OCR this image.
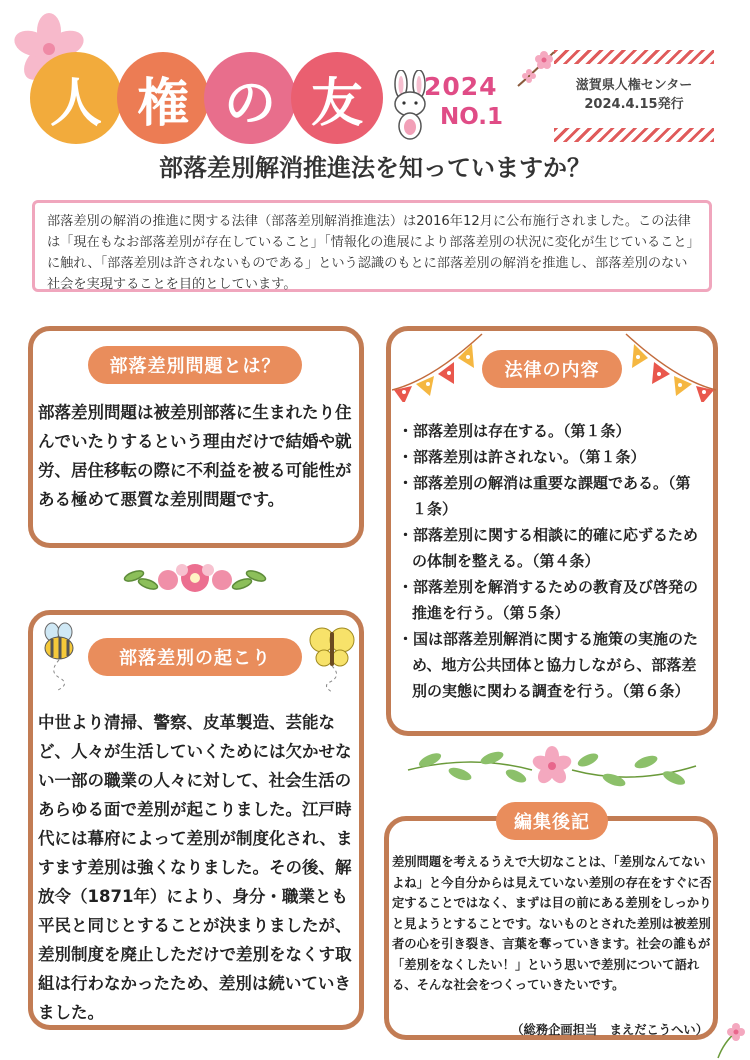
人 権 の 友	2024
NO.1
滋賀県人権センター
2024.4.15発行
部落差別解消推進法を知っていますか？
部落差別の解消の推進に関する法律（部落差別解消推進法）は2016年12月に公布施行されました。この法律は「現在もなお部落差別が存在していること」「情報化の進展により部落差別の状況に変化が生じていること」に触れ、「部落差別は許されないものである」という認識のもとに部落差別の解消を推進し、部落差別のない社会を実現することを目的としています。
部落差別問題とは？
部落差別問題は被差別部落に生まれたり住んでいたりするという理由だけで結婚や就労、居住移転の際に不利益を被る可能性がある極めて悪質な差別問題です。
部落差別の起こり
中世より清掃、警察、皮革製造、芸能など、人々が生活していくためには欠かせない一部の職業の人々に対して、社会生活のあらゆる面で差別が起こりました。江戸時代には幕府によって差別が制度化され、ますます差別は強くなりました。その後、解放令（1871年）により、身分・職業とも平民と同じとすることが決まりましたが、差別制度を廃止しただけで差別をなくす取組は行わなかったため、差別は続いていきました。
法律の内容
・部落差別は存在する。（第１条）
・部落差別は許されない。（第１条）
・部落差別の解消は重要な課題である。（第１条）
・部落差別に関する相談に的確に応ずるための体制を整える。（第４条）
・部落差別を解消するための教育及び啓発の推進を行う。（第５条）
・国は部落差別解消に関する施策の実施のため、地方公共団体と協力しながら、部落差別の実態に関わる調査を行う。（第６条）
編集後記
差別問題を考えるうえで大切なことは、「差別なんてないよね」と今自分からは見えていない差別の存在をすぐに否定することではなく、まずは目の前にある差別をしっかりと見ようとすることです。ないものとされた差別は被差別者の心を引き裂き、言葉を奪っていきます。社会の誰もが「差別をなくしたい！」という思いで差別について語れる、そんな社会をつくっていきたいです。
（総務企画担当　まえだこうへい）
